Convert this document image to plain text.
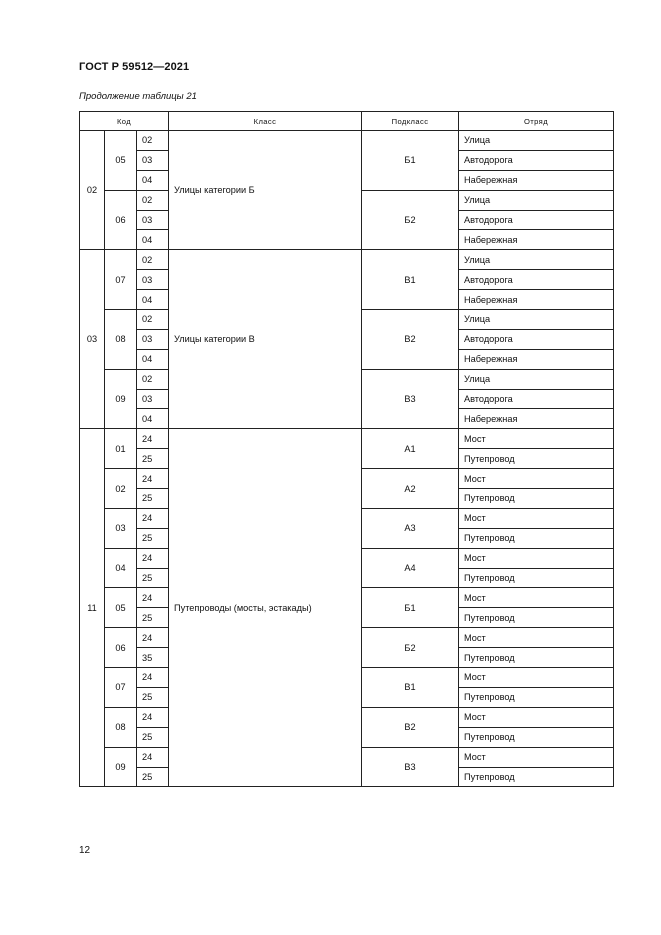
ГОСТ Р 59512—2021
Продолжение таблицы 21
Код			Класс	Подкласс	Отряд
02	05	02	Улицы категории Б	Б1	Улица
		03			Автодорога
		04			Набережная
	06	02		Б2	Улица
		03			Автодорога
		04			Набережная
03	07	02	Улицы категории В	В1	Улица
		03			Автодорога
		04			Набережная
	08	02		В2	Улица
		03			Автодорога
		04			Набережная
	09	02		В3	Улица
		03			Автодорога
		04			Набережная
11	01	24	Путепроводы (мосты, эстакады)	А1	Мост
		25			Путепровод
	02	24		А2	Мост
		25			Путепровод
	03	24		А3	Мост
		25			Путепровод
	04	24		А4	Мост
		25			Путепровод
	05	24		Б1	Мост
		25			Путепровод
	06	24		Б2	Мост
		35			Путепровод
	07	24		В1	Мост
		25			Путепровод
	08	24		В2	Мост
		25			Путепровод
	09	24		В3	Мост
		25			Путепровод
12
